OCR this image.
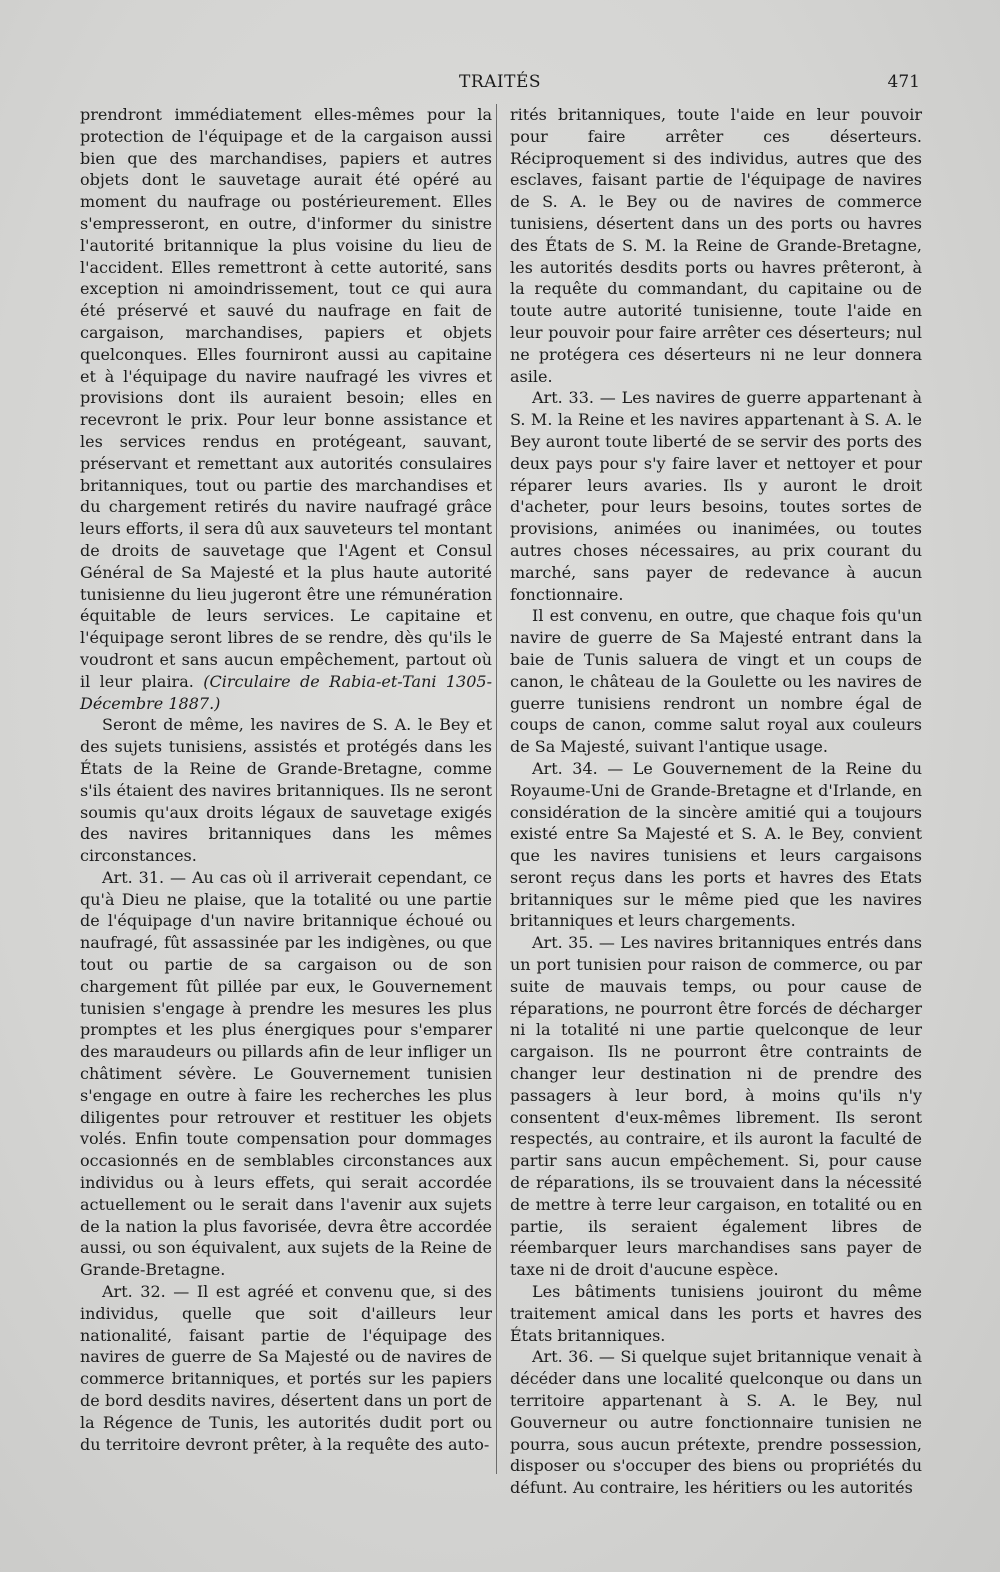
TRAITÉS	471

prendront immédiatement elles-mêmes pour la protection de l'équipage et de la cargaison aussi bien que des marchandises, papiers et autres objets dont le sauvetage aurait été opéré au moment du naufrage ou postérieurement. Elles s'empresseront, en outre, d'informer du sinistre l'autorité britannique la plus voisine du lieu de l'accident. Elles remettront à cette autorité, sans exception ni amoindrissement, tout ce qui aura été préservé et sauvé du naufrage en fait de cargaison, marchandises, papiers et objets quelconques. Elles fourniront aussi au capitaine et à l'équipage du navire naufragé les vivres et provisions dont ils auraient besoin; elles en recevront le prix. Pour leur bonne assistance et les services rendus en protégeant, sauvant, préservant et remettant aux autorités consulaires britanniques, tout ou partie des marchandises et du chargement retirés du navire naufragé grâce leurs efforts, il sera dû aux sauveteurs tel montant de droits de sauvetage que l'Agent et Consul Général de Sa Majesté et la plus haute autorité tunisienne du lieu jugeront être une rémunération équitable de leurs services. Le capitaine et l'équipage seront libres de se rendre, dès qu'ils le voudront et sans aucun empêchement, partout où il leur plaira. (Circulaire de Rabia-et-Tani 1305-Décembre 1887.)

Seront de même, les navires de S. A. le Bey et des sujets tunisiens, assistés et protégés dans les États de la Reine de Grande-Bretagne, comme s'ils étaient des navires britanniques. Ils ne seront soumis qu'aux droits légaux de sauvetage exigés des navires britanniques dans les mêmes circonstances.

Art. 31. — Au cas où il arriverait cependant, ce qu'à Dieu ne plaise, que la totalité ou une partie de l'équipage d'un navire britannique échoué ou naufragé, fût assassinée par les indigènes, ou que tout ou partie de sa cargaison ou de son chargement fût pillée par eux, le Gouvernement tunisien s'engage à prendre les mesures les plus promptes et les plus énergiques pour s'emparer des maraudeurs ou pillards afin de leur infliger un châtiment sévère. Le Gouvernement tunisien s'engage en outre à faire les recherches les plus diligentes pour retrouver et restituer les objets volés. Enfin toute compensation pour dommages occasionnés en de semblables circonstances aux individus ou à leurs effets, qui serait accordée actuellement ou le serait dans l'avenir aux sujets de la nation la plus favorisée, devra être accordée aussi, ou son équivalent, aux sujets de la Reine de Grande-Bretagne.

Art. 32. — Il est agréé et convenu que, si des individus, quelle que soit d'ailleurs leur nationalité, faisant partie de l'équipage des navires de guerre de Sa Majesté ou de navires de commerce britanniques, et portés sur les papiers de bord desdits navires, désertent dans un port de la Régence de Tunis, les autorités dudit port ou du territoire devront prêter, à la requête des auto-

rités britanniques, toute l'aide en leur pouvoir pour faire arrêter ces déserteurs. Réciproquement si des individus, autres que des esclaves, faisant partie de l'équipage de navires de S. A. le Bey ou de navires de commerce tunisiens, désertent dans un des ports ou havres des États de S. M. la Reine de Grande-Bretagne, les autorités desdits ports ou havres prêteront, à la requête du commandant, du capitaine ou de toute autre autorité tunisienne, toute l'aide en leur pouvoir pour faire arrêter ces déserteurs; nul ne protégera ces déserteurs ni ne leur donnera asile.

Art. 33. — Les navires de guerre appartenant à S. M. la Reine et les navires appartenant à S. A. le Bey auront toute liberté de se servir des ports des deux pays pour s'y faire laver et nettoyer et pour réparer leurs avaries. Ils y auront le droit d'acheter, pour leurs besoins, toutes sortes de provisions, animées ou inanimées, ou toutes autres choses nécessaires, au prix courant du marché, sans payer de redevance à aucun fonctionnaire.

Il est convenu, en outre, que chaque fois qu'un navire de guerre de Sa Majesté entrant dans la baie de Tunis saluera de vingt et un coups de canon, le château de la Goulette ou les navires de guerre tunisiens rendront un nombre égal de coups de canon, comme salut royal aux couleurs de Sa Majesté, suivant l'antique usage.

Art. 34. — Le Gouvernement de la Reine du Royaume-Uni de Grande-Bretagne et d'Irlande, en considération de la sincère amitié qui a toujours existé entre Sa Majesté et S. A. le Bey, convient que les navires tunisiens et leurs cargaisons seront reçus dans les ports et havres des Etats britanniques sur le même pied que les navires britanniques et leurs chargements.

Art. 35. — Les navires britanniques entrés dans un port tunisien pour raison de commerce, ou par suite de mauvais temps, ou pour cause de réparations, ne pourront être forcés de décharger ni la totalité ni une partie quelconque de leur cargaison. Ils ne pourront être contraints de changer leur destination ni de prendre des passagers à leur bord, à moins qu'ils n'y consentent d'eux-mêmes librement. Ils seront respectés, au contraire, et ils auront la faculté de partir sans aucun empêchement. Si, pour cause de réparations, ils se trouvaient dans la nécessité de mettre à terre leur cargaison, en totalité ou en partie, ils seraient également libres de réembarquer leurs marchandises sans payer de taxe ni de droit d'aucune espèce.

Les bâtiments tunisiens jouiront du même traitement amical dans les ports et havres des États britanniques.

Art. 36. — Si quelque sujet britannique venait à décéder dans une localité quelconque ou dans un territoire appartenant à S. A. le Bey, nul Gouverneur ou autre fonctionnaire tunisien ne pourra, sous aucun prétexte, prendre possession, disposer ou s'occuper des biens ou propriétés du défunt. Au contraire, les héritiers ou les autorités
